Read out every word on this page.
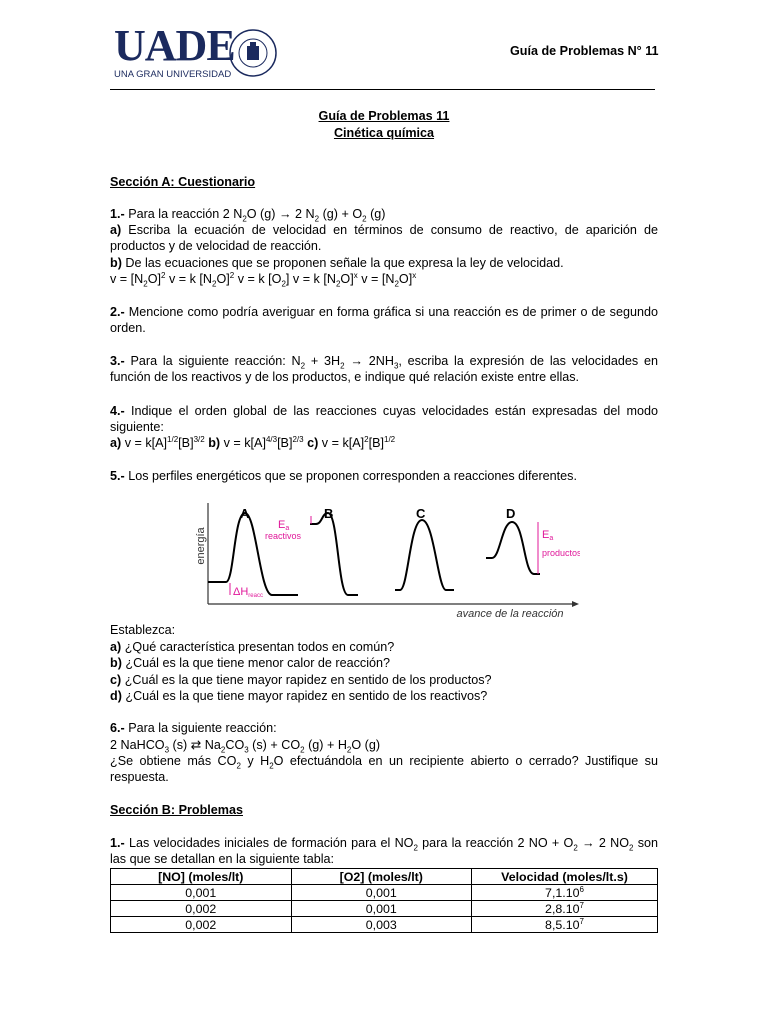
UADE
UNA GRAN UNIVERSIDAD
Guía de Problemas N° 11
Guía de Problemas 11
Cinética química
Sección A: Cuestionario
1.- Para la reacción 2 $N_2O$ (g) → 2 $N_2$ $(g) + O_2$ (g)
a) Escriba la ecuación de velocidad en términos de consumo de reactivo, de aparición de productos y de velocidad de reacción.
b) De las ecuaciones que se proponen señale la que expresa la ley de velocidad.
$v = [N_2O]^2$ v = k $[N_2O]^2$ v = k $[O_2] v = k$ $[N_2O]^x$ $v = [N_2O]^x$
2.- Mencione como podría averiguar en forma gráfica si una reacción es de primer o de segundo orden.
3.- Para la siguiente reacción: $N_2 + 3H_2 \to 2NH_3$, escriba la expresión de las velocidades en función de los reactivos y de los productos, e indique qué relación existe entre ellas.
4.- Indique el orden global de las reacciones cuyas velocidades están expresadas del modo siguiente:
a) $v = k[A]^{1/2}[B]^{3/2}$ b) $v = k[A]^{4/3}[B]^{2/3}$ c) $v = k[A]^2[B]^{1/2}$
5.- Los perfiles energéticos que se proponen corresponden a reacciones diferentes.
energía
avance de la reacción
A
ΔHreacc
B
Ea
reactivos
C	D
Ea
productos
Establezca:
a) ¿Qué característica presentan todos en común?
b) ¿Cuál es la que tiene menor calor de reacción?
c) ¿Cuál es la que tiene mayor rapidez en sentido de los productos?
d) ¿Cuál es la que tiene mayor rapidez en sentido de los reactivos?
6.- Para la siguiente reacción:
2 NaHCO$_3$ (s) ⇄ $Na_2CO_3$ $(s) + CO_2$ $(g) + H_2O$ (g)
¿Se obtiene más $CO_2$ y $H_2O$ efectuándola en un recipiente abierto o cerrado? Justifique su respuesta.
Sección B: Problemas
1.- Las velocidades iniciales de formación para el $NO_2$ para la reacción 2 NO + $O_2 \to 2$ $NO_2$ son las que se detallan en la siguiente tabla:
[NO] (moles/lt)	[O2] (moles/lt)	Velocidad (moles/lt.s)
0,001	0,001	7,1.10$^6$
0,002	0,001	2,8.10$^7$
0,002	0,003	8,5.10$^7$
